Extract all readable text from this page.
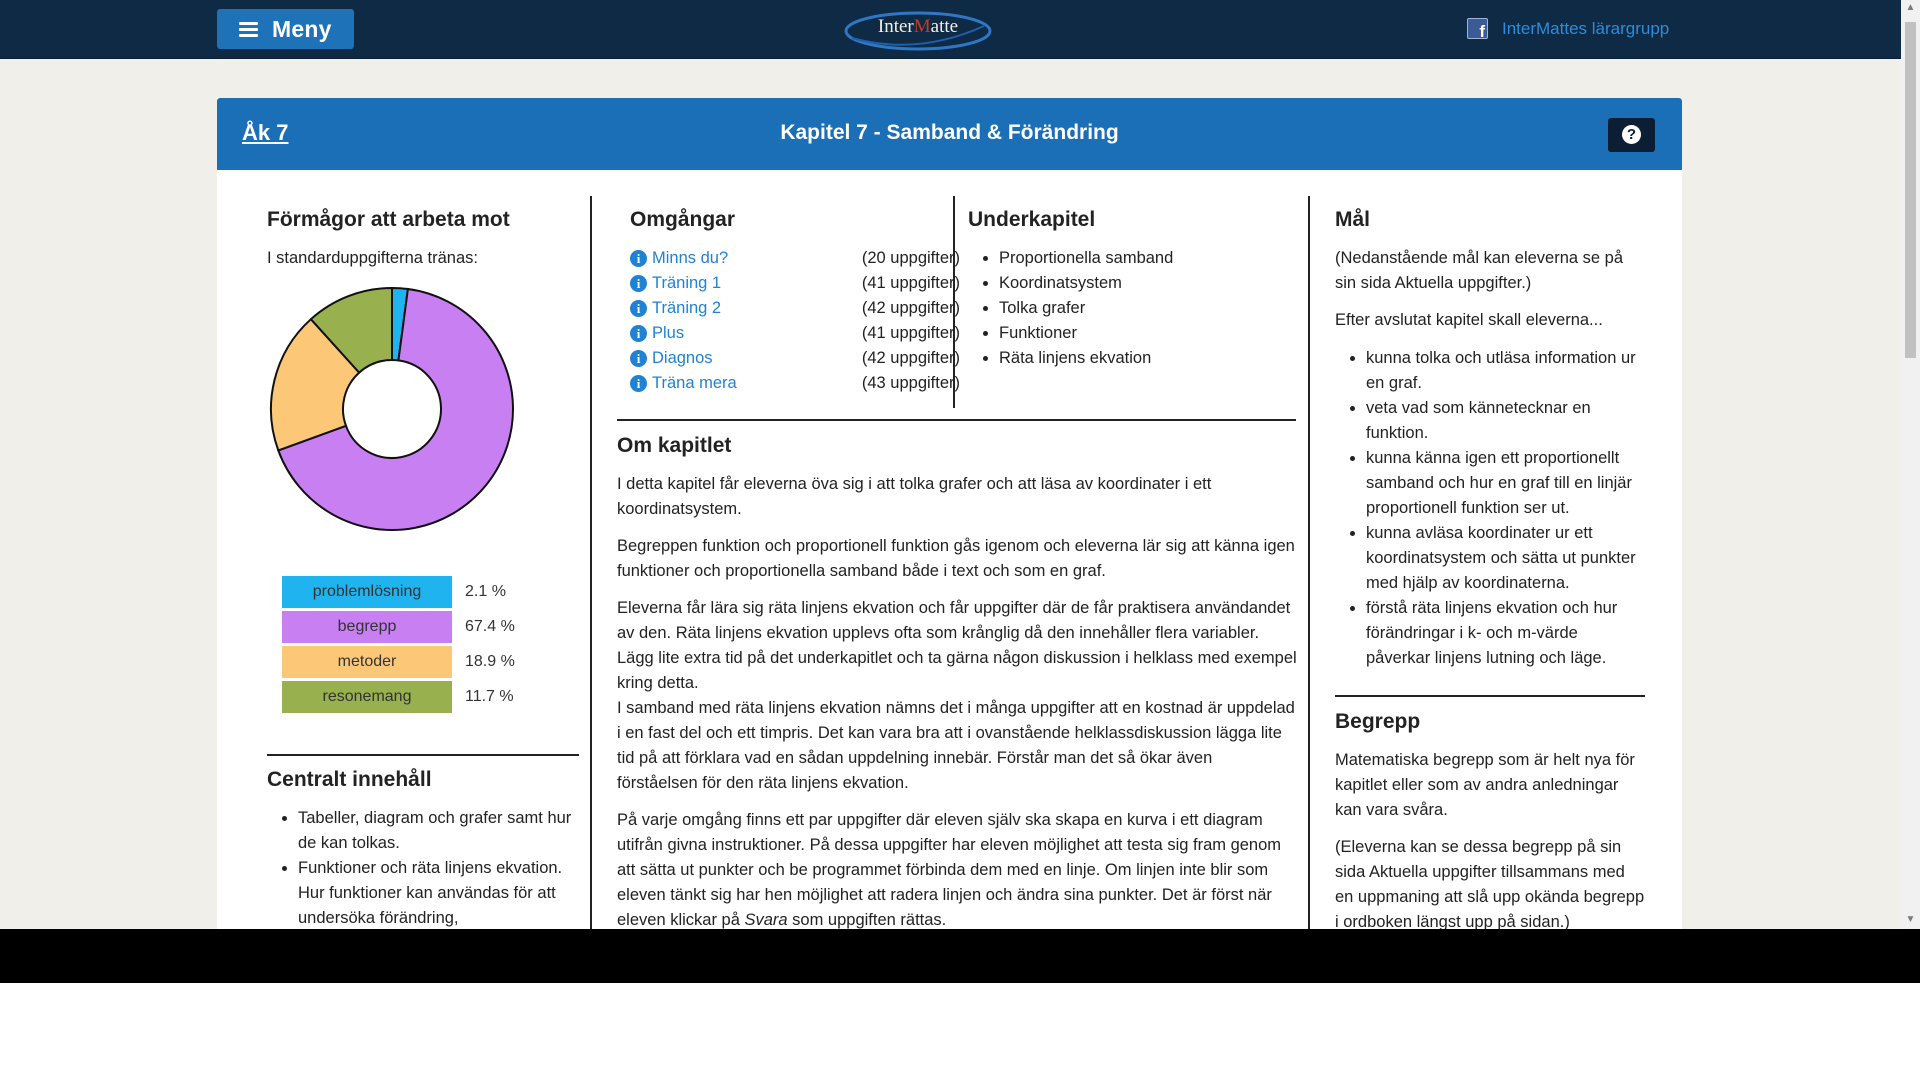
Meny	InterMatte	f InterMattes lärargrupp
Åk 7	Kapitel 7 - Samband & Förändring	?
Förmågor att arbeta mot
I standarduppgifterna tränas:
problemlösning	2.1 %
begrepp	67.4 %
metoder	18.9 %
resonemang	11.7 %
Centralt innehåll
• Tabeller, diagram och grafer samt hur de kan tolkas.
• Funktioner och räta linjens ekvation. Hur funktioner kan användas för att undersöka förändring,
Omgångar
i Minns du?	(20 uppgifter)
i Träning 1	(41 uppgifter)
i Träning 2	(42 uppgifter)
i Plus	(41 uppgifter)
i Diagnos	(42 uppgifter)
i Träna mera	(43 uppgifter)
Underkapitel
• Proportionella samband
• Koordinatsystem
• Tolka grafer
• Funktioner
• Räta linjens ekvation
Om kapitlet
I detta kapitel får eleverna öva sig i att tolka grafer och att läsa av koordinater i ett koordinatsystem.
Begreppen funktion och proportionell funktion gås igenom och eleverna lär sig att känna igen funktioner och proportionella samband både i text och som en graf.
Eleverna får lära sig räta linjens ekvation och får uppgifter där de får praktisera användandet av den. Räta linjens ekvation upplevs ofta som krånglig då den innehåller flera variabler. Lägg lite extra tid på det underkapitlet och ta gärna någon diskussion i helklass med exempel kring detta.
I samband med räta linjens ekvation nämns det i många uppgifter att en kostnad är uppdelad i en fast del och ett timpris. Det kan vara bra att i ovanstående helklassdiskussion lägga lite tid på att förklara vad en sådan uppdelning innebär. Förstår man det så ökar även förståelsen för den räta linjens ekvation.
På varje omgång finns ett par uppgifter där eleven själv ska skapa en kurva i ett diagram utifrån givna instruktioner. På dessa uppgifter har eleven möjlighet att testa sig fram genom att sätta ut punkter och be programmet förbinda dem med en linje. Om linjen inte blir som eleven tänkt sig har hen möjlighet att radera linjen och ändra sina punkter. Det är först när eleven klickar på Svara som uppgiften rättas.
Mål
(Nedanstående mål kan eleverna se på sin sida Aktuella uppgifter.)
Efter avslutat kapitel skall eleverna...
• kunna tolka och utläsa information ur en graf.
• veta vad som kännetecknar en funktion.
• kunna känna igen ett proportionellt samband och hur en graf till en linjär proportionell funktion ser ut.
• kunna avläsa koordinater ur ett koordinatsystem och sätta ut punkter med hjälp av koordinaterna.
• förstå räta linjens ekvation och hur förändringar i k- och m-värde påverkar linjens lutning och läge.
Begrepp
Matematiska begrepp som är helt nya för kapitlet eller som av andra anledningar kan vara svåra.
(Eleverna kan se dessa begrepp på sin sida Aktuella uppgifter tillsammans med en uppmaning att slå upp okända begrepp i ordboken längst upp på sidan.)
▲
▼
